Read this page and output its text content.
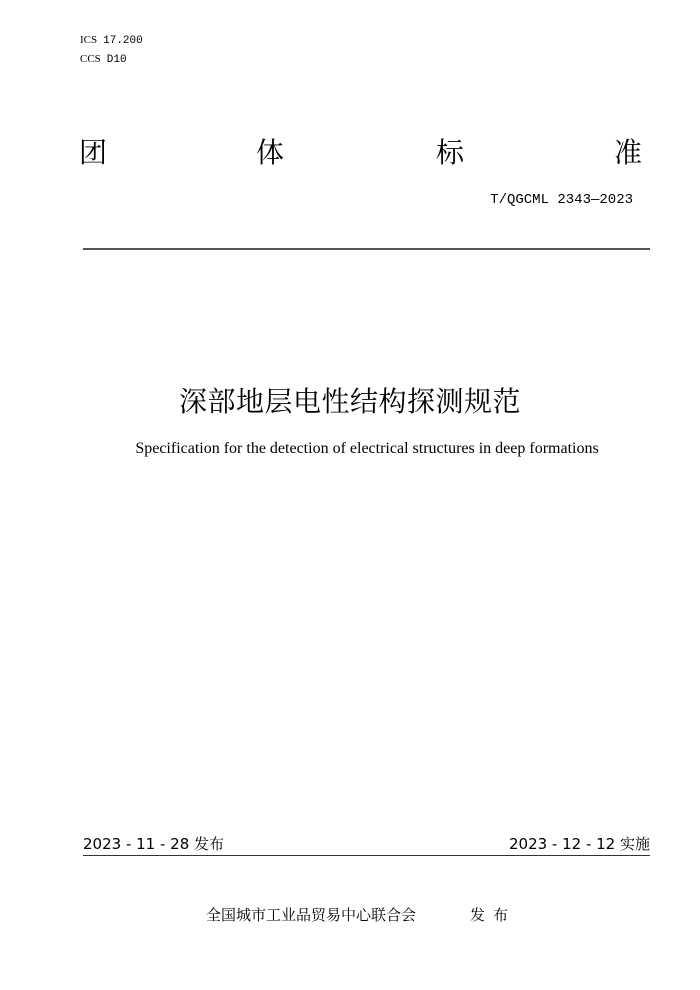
ICS 17.200
CCS D10
团	体	标	准
T/QGCML 2343—2023
深部地层电性结构探测规范
Specification for the detection of electrical structures in deep formations
2023 - 11 - 28 发布	2023 - 12 - 12 实施
全国城市工业品贸易中心联合会	发布
